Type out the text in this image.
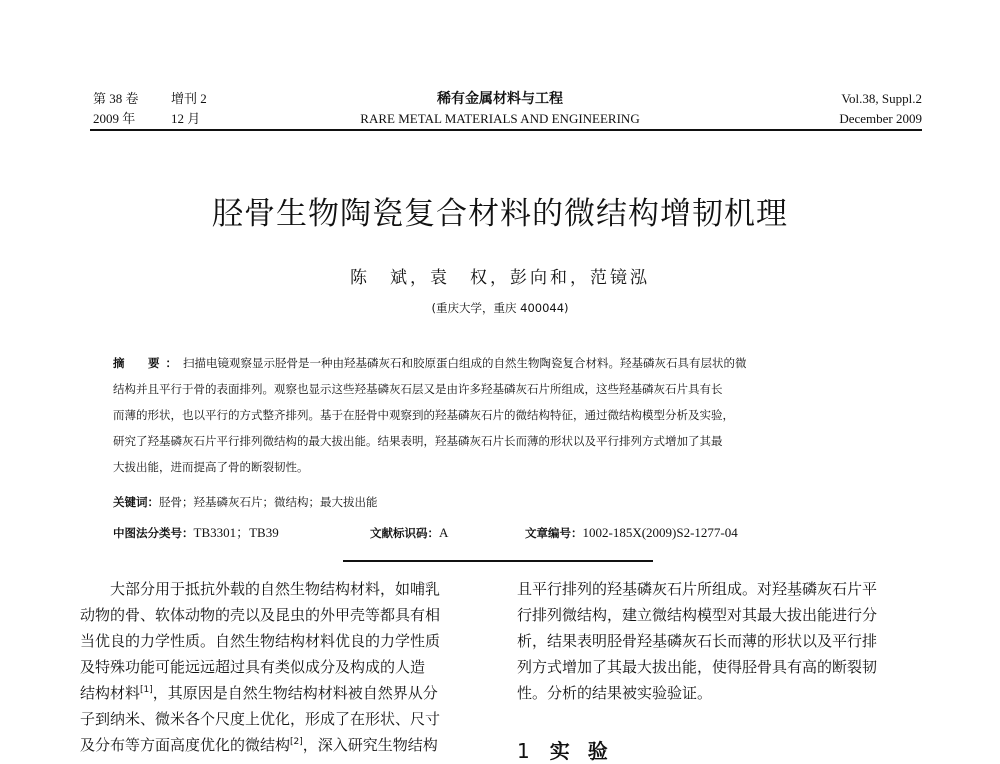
第 38 卷	增刊 2
2009 年	12 月
稀有金属材料与工程
RARE METAL MATERIALS AND ENGINEERING
Vol.38, Suppl.2
December 2009
胫骨生物陶瓷复合材料的微结构增韧机理
陈　斌，袁　权，彭向和，范镜泓
(重庆大学，重庆 400044)
摘　要：扫描电镜观察显示胫骨是一种由羟基磷灰石和胶原蛋白组成的自然生物陶瓷复合材料。羟基磷灰石具有层状的微
结构并且平行于骨的表面排列。观察也显示这些羟基磷灰石层又是由许多羟基磷灰石片所组成，这些羟基磷灰石片具有长
而薄的形状，也以平行的方式整齐排列。基于在胫骨中观察到的羟基磷灰石片的微结构特征，通过微结构模型分析及实验，
研究了羟基磷灰石片平行排列微结构的最大拔出能。结果表明，羟基磷灰石片长而薄的形状以及平行排列方式增加了其最
大拔出能，进而提高了骨的断裂韧性。
关键词：胫骨；羟基磷灰石片；微结构；最大拔出能
中图法分类号：TB3301；TB39	文献标识码：A	文章编号：1002-185X(2009)S2-1277-04
大部分用于抵抗外载的自然生物结构材料，如哺乳
动物的骨、软体动物的壳以及昆虫的外甲壳等都具有相
当优良的力学性质。自然生物结构材料优良的力学性质
及特殊功能可能远远超过具有类似成分及构成的人造
结构材料[1]，其原因是自然生物结构材料被自然界从分
子到纳米、微米各个尺度上优化，形成了在形状、尺寸
及分布等方面高度优化的微结构[2]，深入研究生物结构
且平行排列的羟基磷灰石片所组成。对羟基磷灰石片平
行排列微结构，建立微结构模型对其最大拔出能进行分
析，结果表明胫骨羟基磷灰石长而薄的形状以及平行排
列方式增加了其最大拔出能，使得胫骨具有高的断裂韧
性。分析的结果被实验验证。
1 实验
